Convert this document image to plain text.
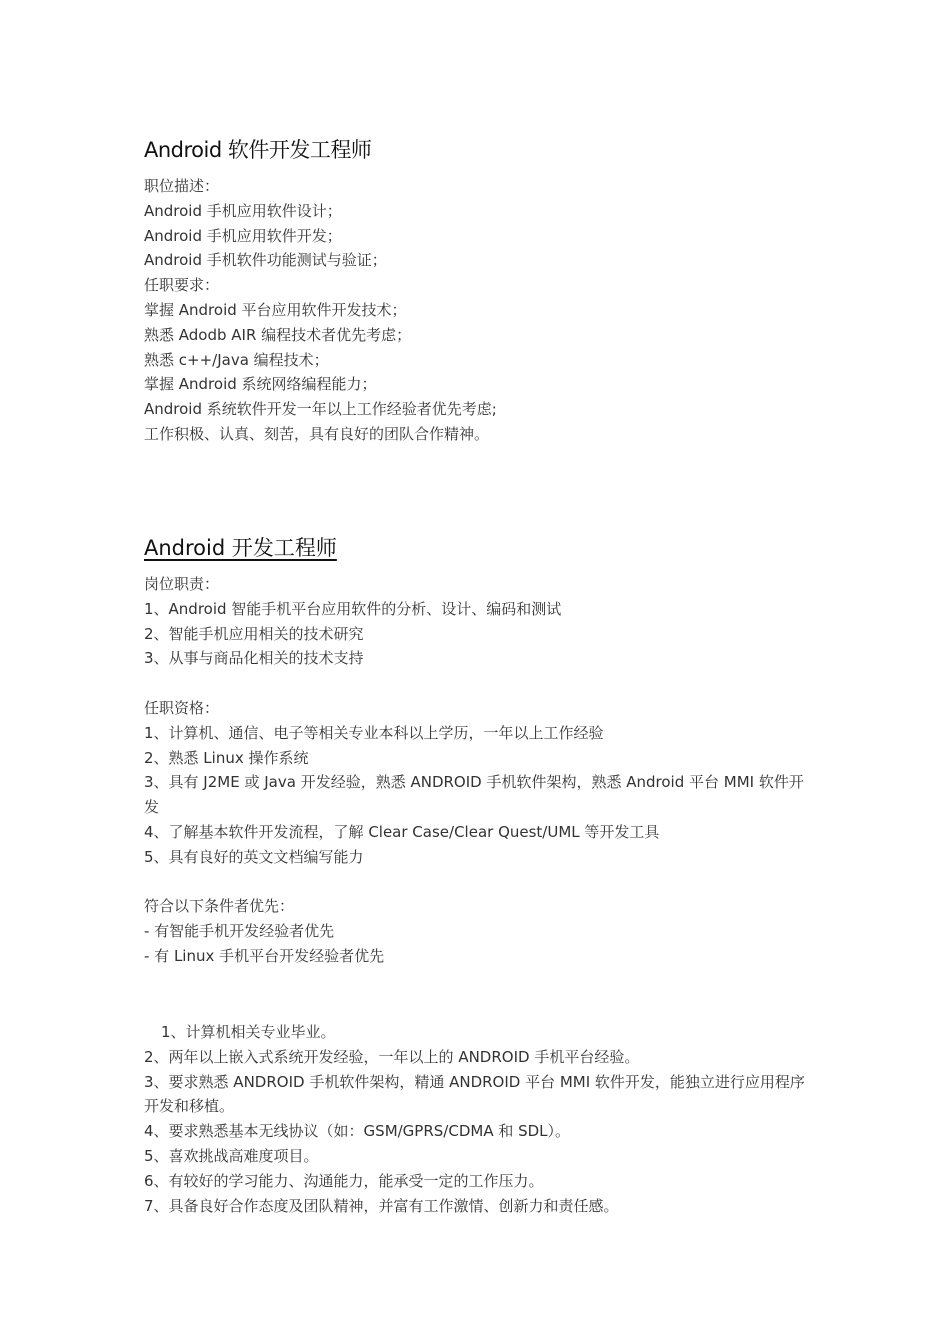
Android 软件开发工程师

职位描述：

Android 手机应用软件设计；

Android 手机应用软件开发；

Android 手机软件功能测试与验证；

任职要求：

掌握 Android 平台应用软件开发技术；

熟悉 Adodb AIR 编程技术者优先考虑；

熟悉 c++/Java 编程技术；

掌握 Android 系统网络编程能力；

Android 系统软件开发一年以上工作经验者优先考虑;

工作积极、认真、刻苦，具有良好的团队合作精神。

Android 开发工程师

岗位职责：

1、Android 智能手机平台应用软件的分析、设计、编码和测试

2、智能手机应用相关的技术研究

3、从事与商品化相关的技术支持

任职资格：

1、计算机、通信、电子等相关专业本科以上学历，一年以上工作经验

2、熟悉 Linux 操作系统

3、具有 J2ME 或 Java 开发经验，熟悉 ANDROID 手机软件架构，熟悉 Android 平台 MMI 软件开发

4、了解基本软件开发流程，了解 Clear Case/Clear Quest/UML 等开发工具

5、具有良好的英文文档编写能力

符合以下条件者优先：

- 有智能手机开发经验者优先

- 有 Linux 手机平台开发经验者优先

1、计算机相关专业毕业。

2、两年以上嵌入式系统开发经验，一年以上的 ANDROID 手机平台经验。

3、要求熟悉 ANDROID 手机软件架构，精通 ANDROID 平台 MMI 软件开发，能独立进行应用程序开发和移植。

4、要求熟悉基本无线协议（如：GSM/GPRS/CDMA 和 SDL）。

5、喜欢挑战高难度项目。

6、有较好的学习能力、沟通能力，能承受一定的工作压力。

7、具备良好合作态度及团队精神，并富有工作激情、创新力和责任感。
